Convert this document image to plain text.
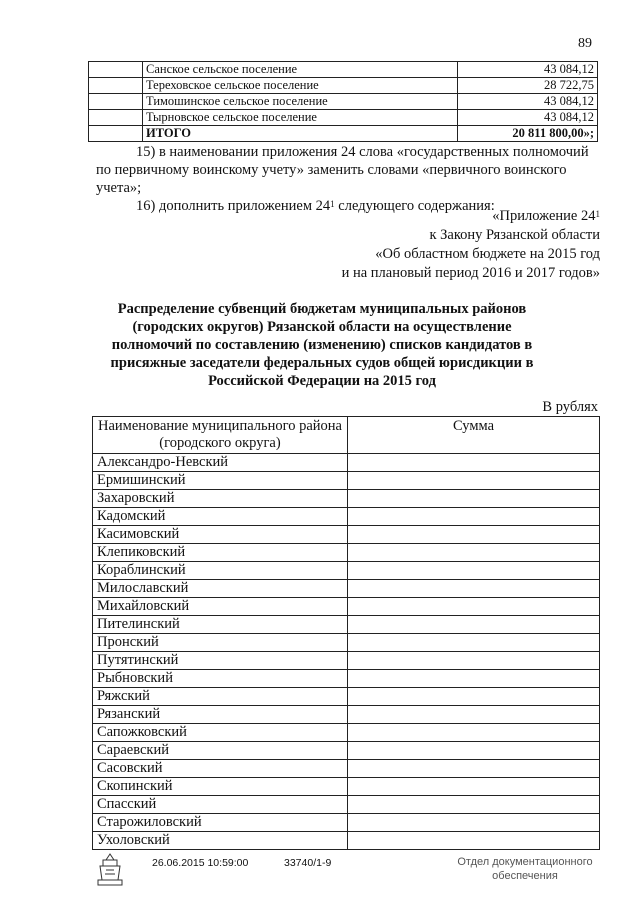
89
	Санское сельское поселение	43 084,12
	Тереховское сельское поселение	28 722,75
	Тимошинское сельское поселение	43 084,12
	Тырновское сельское поселение	43 084,12
	ИТОГО	20 811 800,00»;
15) в наименовании приложения 24 слова «государственных полномочий
по первичному воинскому учету» заменить словами «первичного воинского
учета»;
16) дополнить приложением $24^1$ следующего содержания:
«Приложение $24^1$
к Закону Рязанской области
«Об областном бюджете на 2015 год
и на плановый период 2016 и 2017 годов»
Распределение субвенций бюджетам муниципальных районов (городских округов) Рязанской области на осуществление полномочий по составлению (изменению) списков кандидатов в присяжные заседатели федеральных судов общей юрисдикции в Российской Федерации на 2015 год
В рублях
Наименование муниципального района (городского округа)	Сумма
Александро-Невский	
Ермишинский	
Захаровский	
Кадомский	
Касимовский	
Клепиковский	
Кораблинский	
Милославский	
Михайловский	
Пителинский	
Пронский	
Путятинский	
Рыбновский	
Ряжский	
Рязанский	
Сапожковский	
Сараевский	
Сасовский	
Скопинский	
Спасский	
Старожиловский	
Ухоловский	
26.06.2015 10:59:00	33740/1-9	Отдел документационного
обеспечения
